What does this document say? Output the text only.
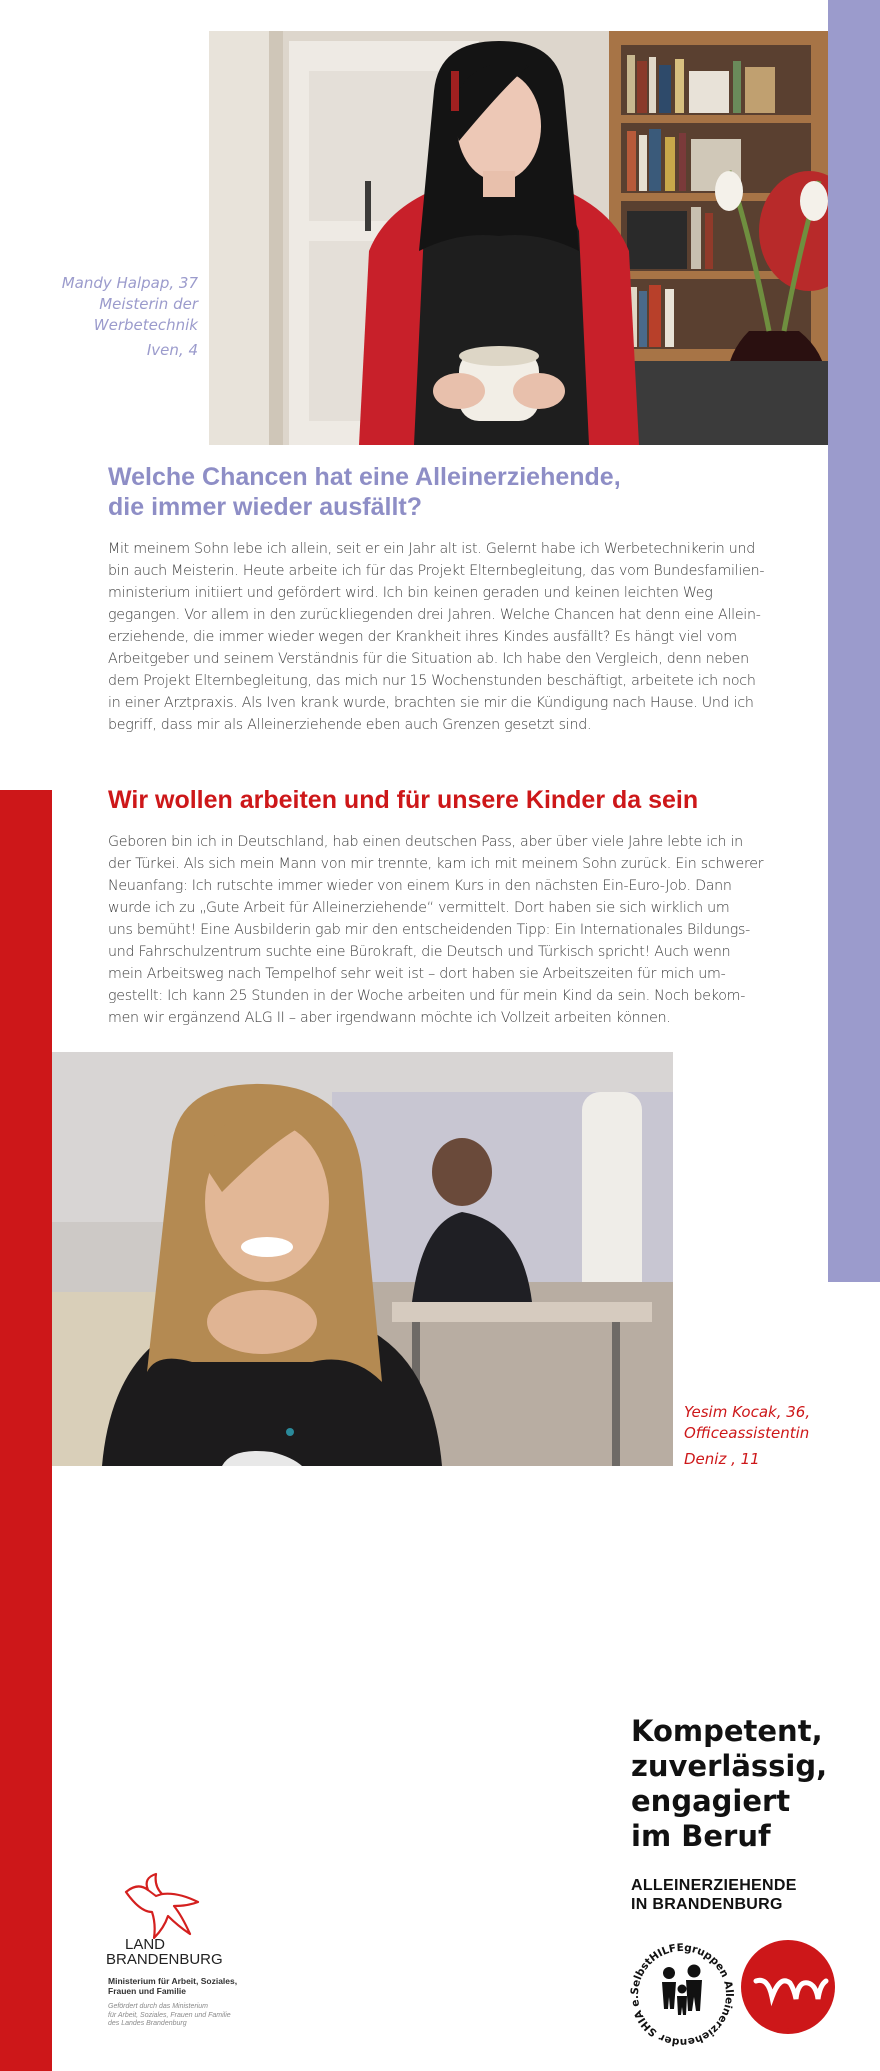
Mandy Halpap, 37
Meisterin der
Werbetechnik
Iven, 4
Welche Chancen hat eine Alleinerziehende,
die immer wieder ausfällt?

Mit meinem Sohn lebe ich allein, seit er ein Jahr alt ist. Gelernt habe ich Werbetechnikerin und
bin auch Meisterin. Heute arbeite ich für das Projekt Elternbegleitung, das vom Bundesfamilien-
ministerium initiiert und gefördert wird. Ich bin keinen geraden und keinen leichten Weg
gegangen. Vor allem in den zurückliegenden drei Jahren. Welche Chancen hat denn eine Allein-
erziehende, die immer wieder wegen der Krankheit ihres Kindes ausfällt? Es hängt viel vom
Arbeitgeber und seinem Verständnis für die Situation ab. Ich habe den Vergleich, denn neben
dem Projekt Elternbegleitung, das mich nur 15 Wochenstunden beschäftigt, arbeitete ich noch
in einer Arztpraxis. Als Iven krank wurde, brachten sie mir die Kündigung nach Hause. Und ich
begriff, dass mir als Alleinerziehende eben auch Grenzen gesetzt sind.

Wir wollen arbeiten und für unsere Kinder da sein

Geboren bin ich in Deutschland, hab einen deutschen Pass, aber über viele Jahre lebte ich in
der Türkei. Als sich mein Mann von mir trennte, kam ich mit meinem Sohn zurück. Ein schwerer
Neuanfang: Ich rutschte immer wieder von einem Kurs in den nächsten Ein-Euro-Job. Dann
wurde ich zu „Gute Arbeit für Alleinerziehende“ vermittelt. Dort haben sie sich wirklich um
uns bemüht! Eine Ausbilderin gab mir den entscheidenden Tipp: Ein Internationales Bildungs-
und Fahrschulzentrum suchte eine Bürokraft, die Deutsch und Türkisch spricht! Auch wenn
mein Arbeitsweg nach Tempelhof sehr weit ist – dort haben sie Arbeitszeiten für mich um-
gestellt: Ich kann 25 Stunden in der Woche arbeiten und für mein Kind da sein. Noch bekom-
men wir ergänzend ALG II – aber irgendwann möchte ich Vollzeit arbeiten können.

Yesim Kocak, 36,
Officeassistentin
Deniz , 11
Kompetent,
zuverlässig,
engagiert
im Beruf
ALLEINERZIEHENDE
IN BRANDENBURG
SelbstHILFEgruppen Alleinerziehender SHIA e.
vam
LAND
BRANDENBURG
Ministerium für Arbeit, Soziales,
Frauen und Familie
Gefördert durch das Ministerium
für Arbeit, Soziales, Frauen und Familie
des Landes Brandenburg
